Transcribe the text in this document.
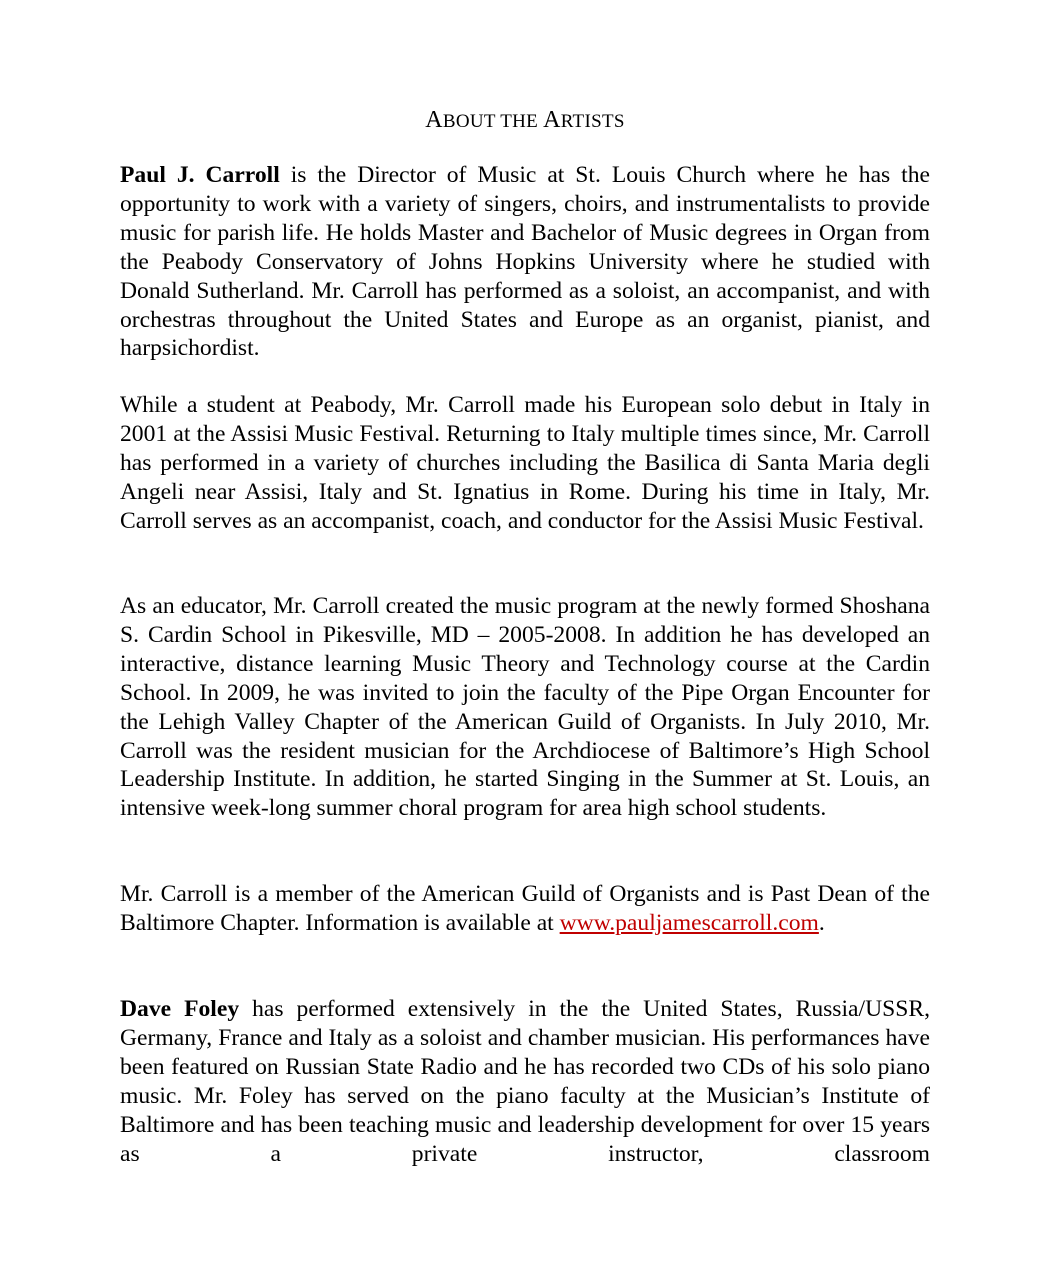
ABOUT THE ARTISTS

Paul J. Carroll is the Director of Music at St. Louis Church where he has the opportunity to work with a variety of singers, choirs, and instrumentalists to provide music for parish life. He holds Master and Bachelor of Music degrees in Organ from the Peabody Conservatory of Johns Hopkins University where he studied with Donald Sutherland. Mr. Carroll has performed as a soloist, an accompanist, and with orchestras throughout the United States and Europe as an organist, pianist, and harpsichordist.

While a student at Peabody, Mr. Carroll made his European solo debut in Italy in 2001 at the Assisi Music Festival. Returning to Italy multiple times since, Mr. Carroll has performed in a variety of churches including the Basilica di Santa Maria degli Angeli near Assisi, Italy and St. Ignatius in Rome. During his time in Italy, Mr. Carroll serves as an accompanist, coach, and conductor for the Assisi Music Festival.

As an educator, Mr. Carroll created the music program at the newly formed Shoshana S. Cardin School in Pikesville, MD – 2005-2008. In addition he has developed an interactive, distance learning Music Theory and Technology course at the Cardin School. In 2009, he was invited to join the faculty of the Pipe Organ Encounter for the Lehigh Valley Chapter of the American Guild of Organists. In July 2010, Mr. Carroll was the resident musician for the Archdiocese of Baltimore’s High School Leadership Institute. In addition, he started Singing in the Summer at St. Louis, an intensive week-long summer choral program for area high school students.

Mr. Carroll is a member of the American Guild of Organists and is Past Dean of the Baltimore Chapter. Information is available at www.pauljamescarroll.com.

Dave Foley has performed extensively in the the United States, Russia/USSR, Germany, France and Italy as a soloist and chamber musician. His performances have been featured on Russian State Radio and he has recorded two CDs of his solo piano music. Mr. Foley has served on the piano faculty at the Musician’s Institute of Baltimore and has been teaching music and leadership development for over 15 years as a private instructor, classroom
